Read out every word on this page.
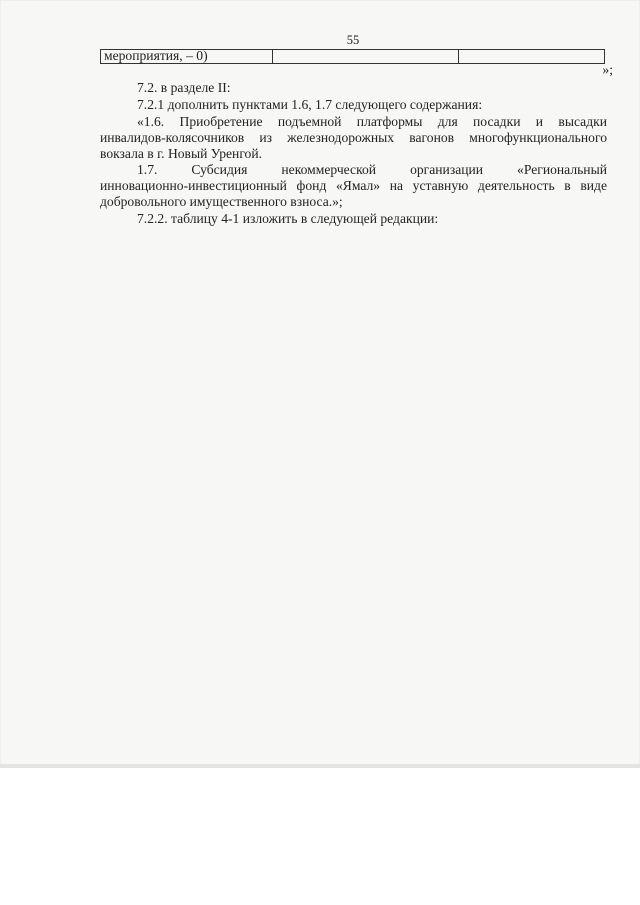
55
мероприятия, – 0)
»;
7.2. в разделе II:
7.2.1 дополнить пунктами 1.6, 1.7 следующего содержания:
«1.6. Приобретение подъемной платформы для посадки и высадки
инвалидов-колясочников из железнодорожных вагонов многофункционального
вокзала в г. Новый Уренгой.
1.7. Субсидия некоммерческой организации «Региональный
инновационно-инвестиционный фонд «Ямал» на уставную деятельность в виде
добровольного имущественного взноса.»;
7.2.2. таблицу 4-1 изложить в следующей редакции:
